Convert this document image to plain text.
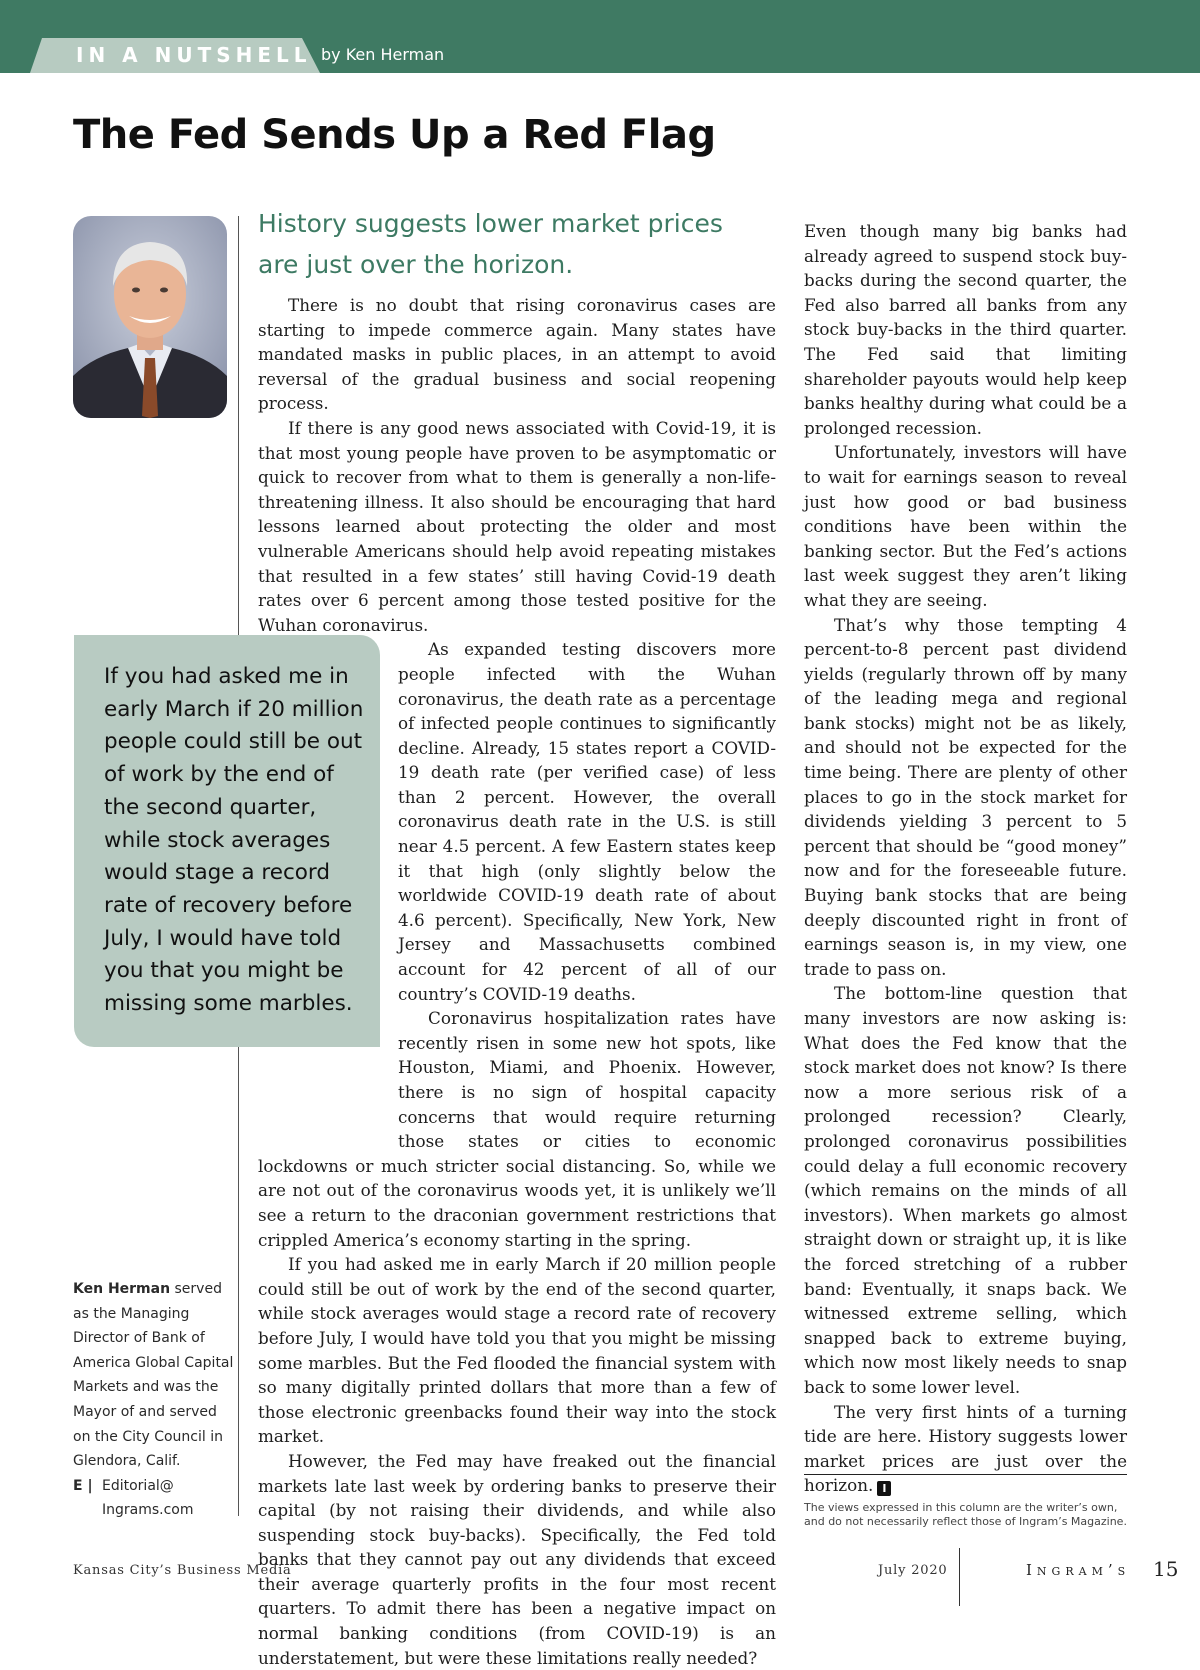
IN A NUTSHELL by Ken Herman
The Fed Sends Up a Red Flag

History suggests lower market prices are just over the horizon.

If you had asked me in early March if 20 million people could still be out of work by the end of the second quarter, while stock averages would stage a record rate of recovery before July, I would have told you that you might be missing some marbles.

Ken Herman served as the Managing Director of Bank of America Global Capital Markets and was the Mayor of and served on the City Council in Glendora, Calif.
E | Editorial@ Ingrams.com

There is no doubt that rising coronavirus cases are starting to impede commerce again. Many states have mandated masks in public places, in an attempt to avoid reversal of the gradual business and social reopening process.

If there is any good news associated with Covid-19, it is that most young people have proven to be asymptomatic or quick to recover from what to them is generally a non-life-threatening illness. It also should be encouraging that hard lessons learned about protecting the older and most vulnerable Americans should help avoid repeating mistakes that resulted in a few states’ still having Covid-19 death rates over 6 percent among those tested positive for the Wuhan coronavirus.

As expanded testing discovers more people infected with the Wuhan coronavirus, the death rate as a percentage of infected people continues to significantly decline. Already, 15 states report a COVID-19 death rate (per verified case) of less than 2 percent. However, the overall coronavirus death rate in the U.S. is still near 4.5 percent. A few Eastern states keep it that high (only slightly below the worldwide COVID-19 death rate of about 4.6 percent). Specifically, New York, New Jersey and Massachusetts combined account for 42 percent of all of our country’s COVID-19 deaths.

Coronavirus hospitalization rates have recently risen in some new hot spots, like Houston, Miami, and Phoenix. However, there is no sign of hospital capacity concerns that would require returning those states or cities to economic lockdowns or much stricter social distancing. So, while we are not out of the coronavirus woods yet, it is unlikely we’ll see a return to the draconian government restrictions that crippled America’s economy starting in the spring.

If you had asked me in early March if 20 million people could still be out of work by the end of the second quarter, while stock averages would stage a record rate of recovery before July, I would have told you that you might be missing some marbles. But the Fed flooded the financial system with so many digitally printed dollars that more than a few of those electronic greenbacks found their way into the stock market.

However, the Fed may have freaked out the financial markets late last week by ordering banks to preserve their capital (by not raising their dividends, and while also suspending stock buy-backs). Specifically, the Fed told banks that they cannot pay out any dividends that exceed their average quarterly profits in the four most recent quarters. To admit there has been a negative impact on normal banking conditions (from COVID-19) is an understatement, but were these limitations really needed?

Even though many big banks had already agreed to suspend stock buy-backs during the second quarter, the Fed also barred all banks from any stock buy-backs in the third quarter. The Fed said that limiting shareholder payouts would help keep banks healthy during what could be a prolonged recession.

Unfortunately, investors will have to wait for earnings season to reveal just how good or bad business conditions have been within the banking sector. But the Fed’s actions last week suggest they aren’t liking what they are seeing.

That’s why those tempting 4 percent-to-8 percent past dividend yields (regularly thrown off by many of the leading mega and regional bank stocks) might not be as likely, and should not be expected for the time being. There are plenty of other places to go in the stock market for dividends yielding 3 percent to 5 percent that should be “good money” now and for the foreseeable future. Buying bank stocks that are being deeply discounted right in front of earnings season is, in my view, one trade to pass on.

The bottom-line question that many investors are now asking is: What does the Fed know that the stock market does not know? Is there now a more serious risk of a prolonged recession? Clearly, prolonged coronavirus possibilities could delay a full economic recovery (which remains on the minds of all investors). When markets go almost straight down or straight up, it is like the forced stretching of a rubber band: Eventually, it snaps back. We witnessed extreme selling, which snapped back to extreme buying, which now most likely needs to snap back to some lower level.

The very first hints of a turning tide are here. History suggests lower market prices are just over the horizon. I

The views expressed in this column are the writer’s own, and do not necessarily reflect those of Ingram’s Magazine.

Kansas City’s Business Media	July 2020	Ingram’s 15
